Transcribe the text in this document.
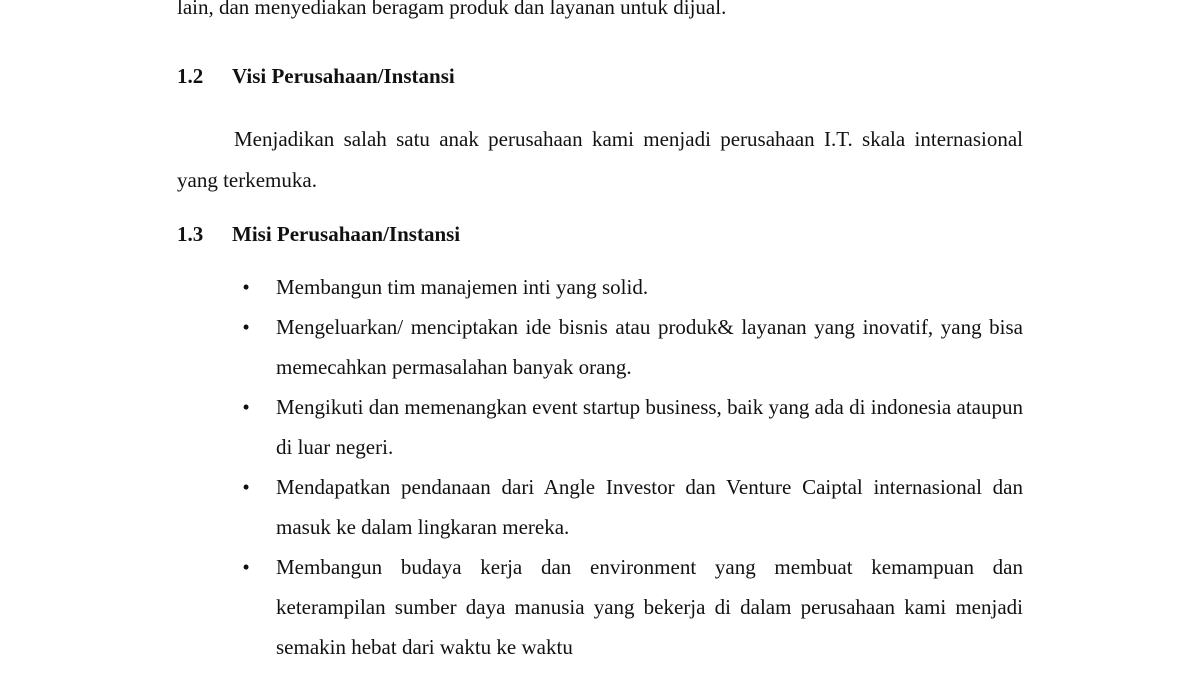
lain, dan menyediakan beragam produk dan layanan untuk dijual.
1.2 Visi Perusahaan/Instansi
Menjadikan salah satu anak perusahaan kami menjadi perusahaan I.T. skala internasional yang terkemuka.
1.3 Misi Perusahaan/Instansi
• Membangun tim manajemen inti yang solid.
• Mengeluarkan/ menciptakan ide bisnis atau produk& layanan yang inovatif, yang bisa memecahkan permasalahan banyak orang.
• Mengikuti dan memenangkan event startup business, baik yang ada di indonesia ataupun di luar negeri.
• Mendapatkan pendanaan dari Angle Investor dan Venture Caiptal internasional dan masuk ke dalam lingkaran mereka.
• Membangun budaya kerja dan environment yang membuat kemampuan dan keterampilan sumber daya manusia yang bekerja di dalam perusahaan kami menjadi semakin hebat dari waktu ke waktu
